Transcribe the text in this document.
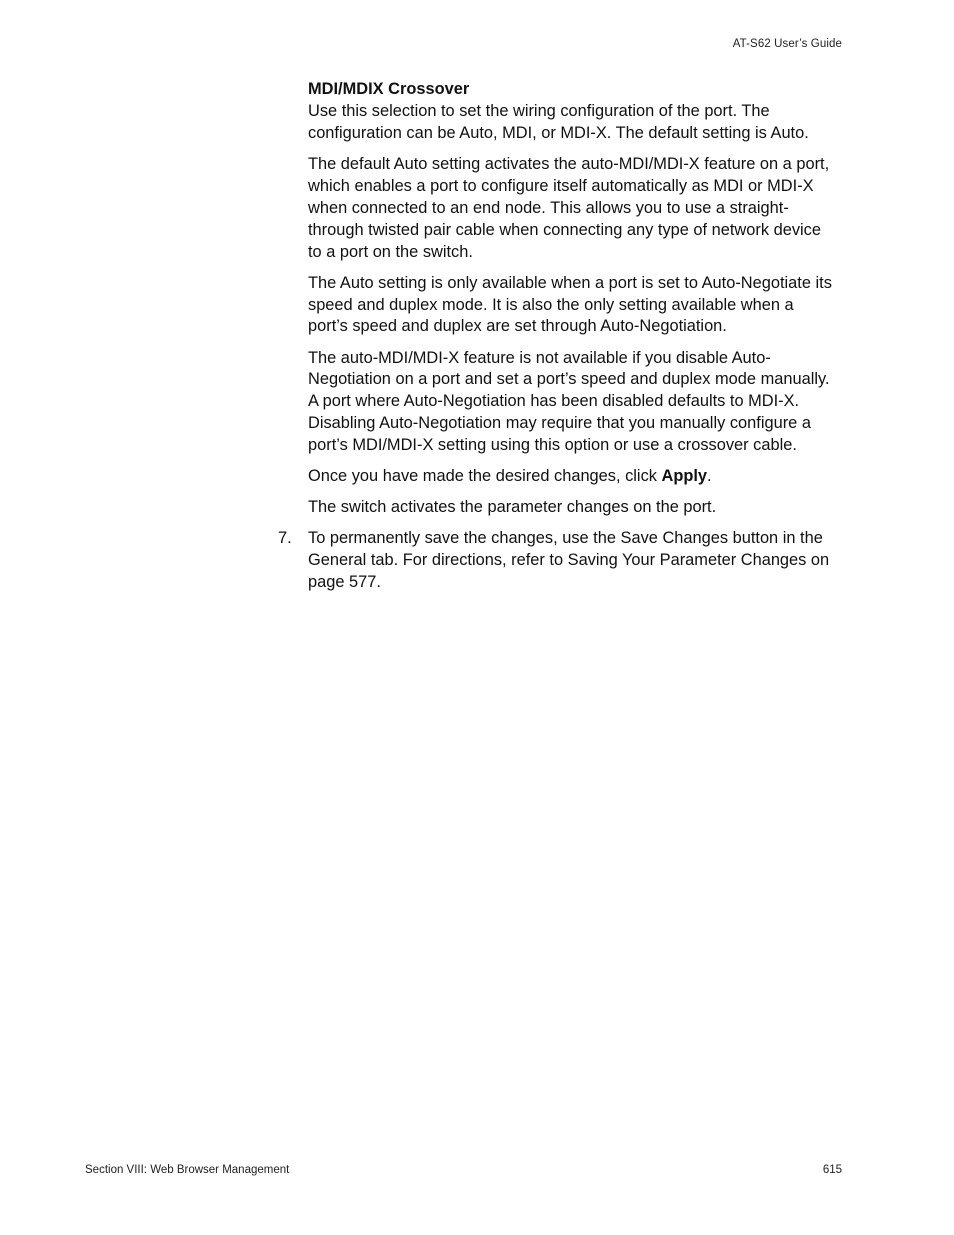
AT-S62 User’s Guide

MDI/MDIX Crossover

Use this selection to set the wiring configuration of the port. The configuration can be Auto, MDI, or MDI-X. The default setting is Auto.

The default Auto setting activates the auto-MDI/MDI-X feature on a port, which enables a port to configure itself automatically as MDI or MDI-X when connected to an end node. This allows you to use a straight-through twisted pair cable when connecting any type of network device to a port on the switch.

The Auto setting is only available when a port is set to Auto-Negotiate its speed and duplex mode. It is also the only setting available when a port’s speed and duplex are set through Auto-Negotiation.

The auto-MDI/MDI-X feature is not available if you disable Auto-Negotiation on a port and set a port’s speed and duplex mode manually. A port where Auto-Negotiation has been disabled defaults to MDI-X. Disabling Auto-Negotiation may require that you manually configure a port’s MDI/MDI-X setting using this option or use a crossover cable.

Once you have made the desired changes, click Apply.

The switch activates the parameter changes on the port.

7. To permanently save the changes, use the Save Changes button in the General tab. For directions, refer to Saving Your Parameter Changes on page 577.
Section VIII: Web Browser Management	615
